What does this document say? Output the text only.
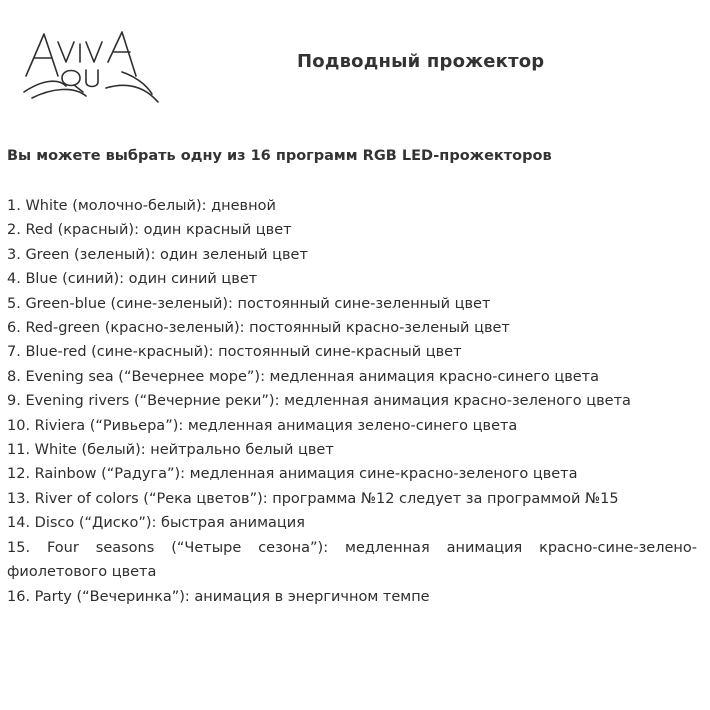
Подводный прожектор
Вы можете выбрать одну из 16 программ RGB LED-прожекторов
1. White (молочно-белый): дневной
2. Red (красный): один красный цвет
3. Green (зеленый): один зеленый цвет
4. Blue (синий): один синий цвет
5. Green-blue (сине-зеленый): постоянный сине-зеленный цвет
6. Red-green (красно-зеленый): постоянный красно-зеленый цвет
7. Blue-red (сине-красный): постоянный сине-красный цвет
8. Evening sea (“Вечернее море”): медленная анимация красно-синего цвета
9. Evening rivers (“Вечерние реки”): медленная анимация красно-зеленого цвета
10. Riviera (“Ривьера”): медленная анимация зелено-синего цвета
11. White (белый): нейтрально белый цвет
12. Rainbow (“Радуга”): медленная анимация сине-красно-зеленого цвета
13. River of colors (“Река цветов”): программа №12 следует за программой №15
14. Disco (“Диско”): быстрая анимация
15. Four seasons (“Четыре сезона”): медленная анимация красно-сине-зелено-фиолетового цвета
16. Party (“Вечеринка”): анимация в энергичном темпе
